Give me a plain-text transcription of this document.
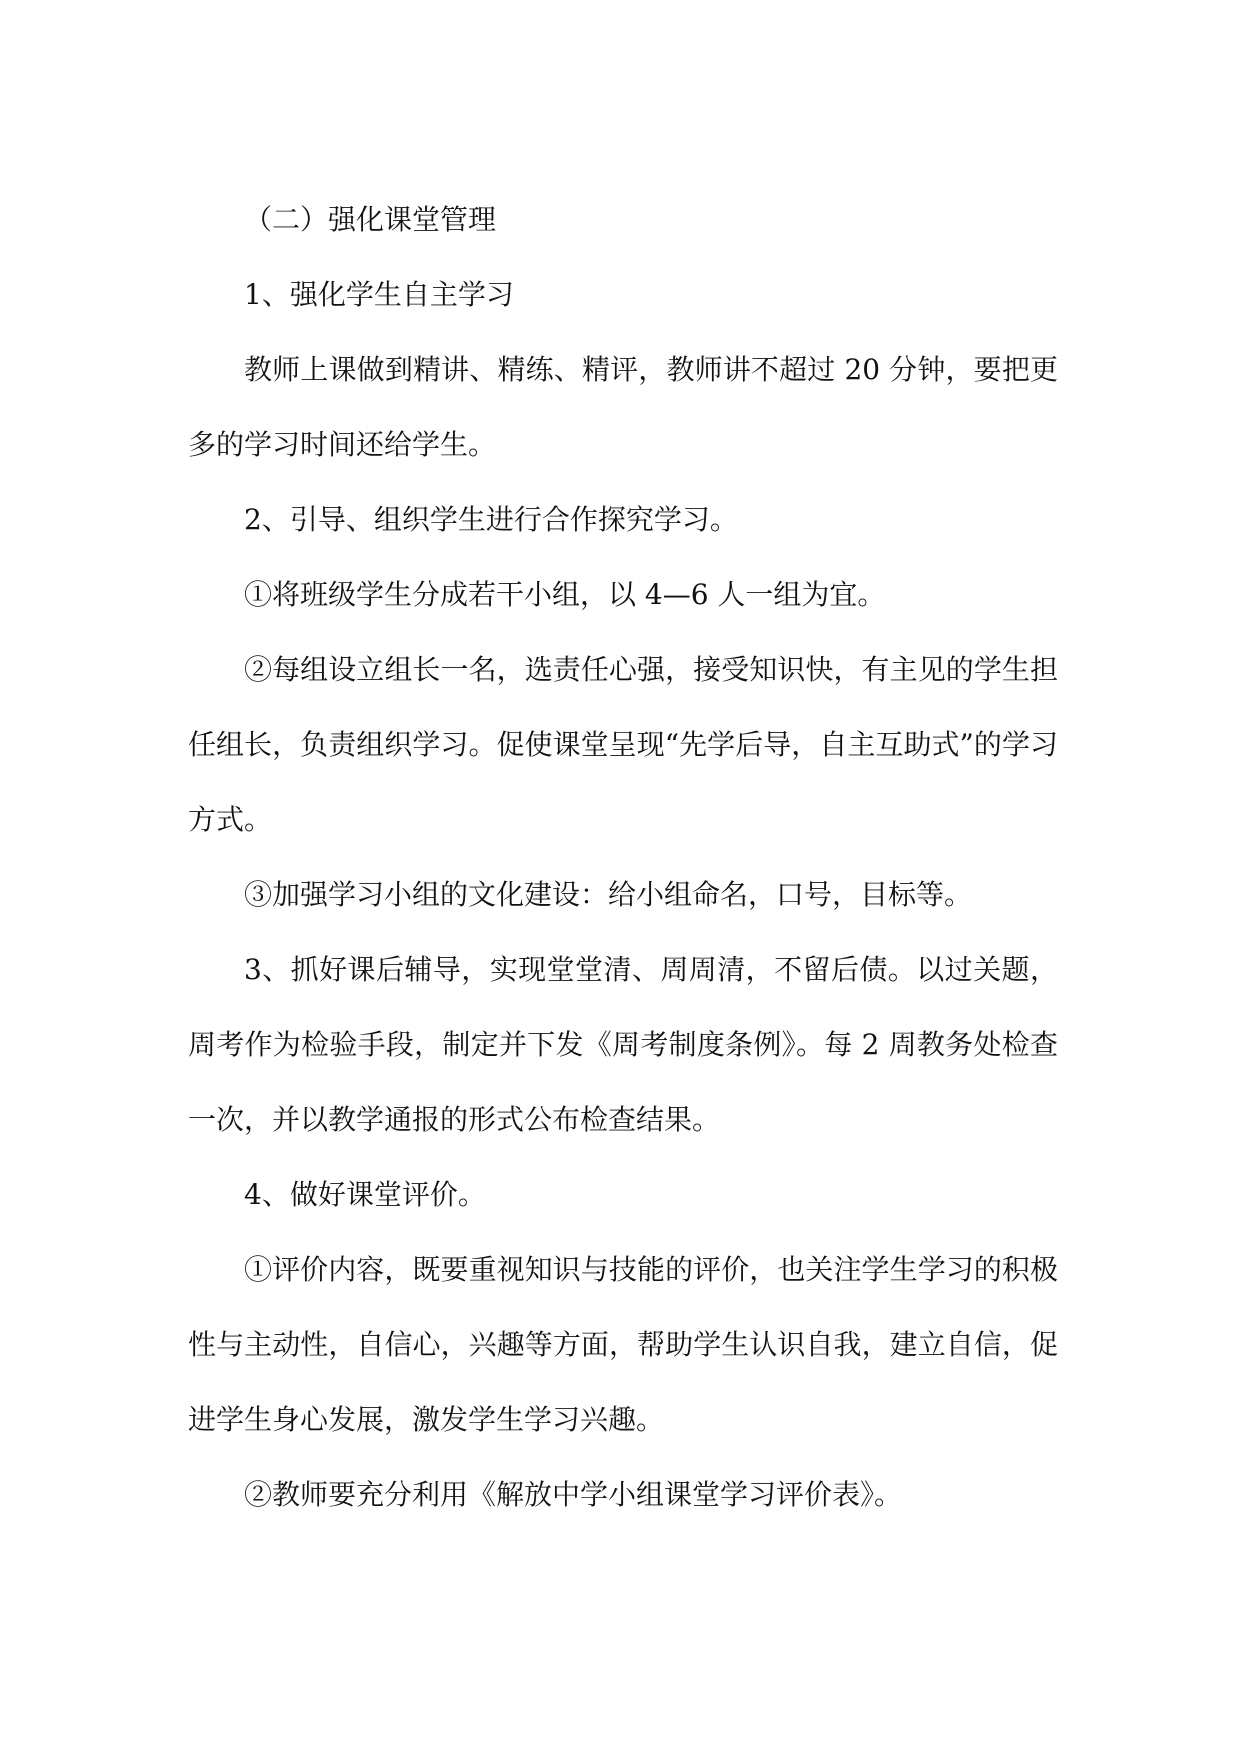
（二）强化课堂管理

1、强化学生自主学习

教师上课做到精讲、精练、精评，教师讲不超过 20 分钟，要把更多的学习时间还给学生。

2、引导、组织学生进行合作探究学习。

①将班级学生分成若干小组，以 4—6 人一组为宜。

②每组设立组长一名，选责任心强，接受知识快，有主见的学生担任组长，负责组织学习。促使课堂呈现“先学后导，自主互助式”的学习方式。

③加强学习小组的文化建设：给小组命名，口号，目标等。

3、抓好课后辅导，实现堂堂清、周周清，不留后债。以过关题，周考作为检验手段，制定并下发《周考制度条例》。每 2 周教务处检查一次，并以教学通报的形式公布检查结果。

4、做好课堂评价。

①评价内容，既要重视知识与技能的评价，也关注学生学习的积极性与主动性，自信心，兴趣等方面，帮助学生认识自我，建立自信，促进学生身心发展，激发学生学习兴趣。

②教师要充分利用《解放中学小组课堂学习评价表》。
